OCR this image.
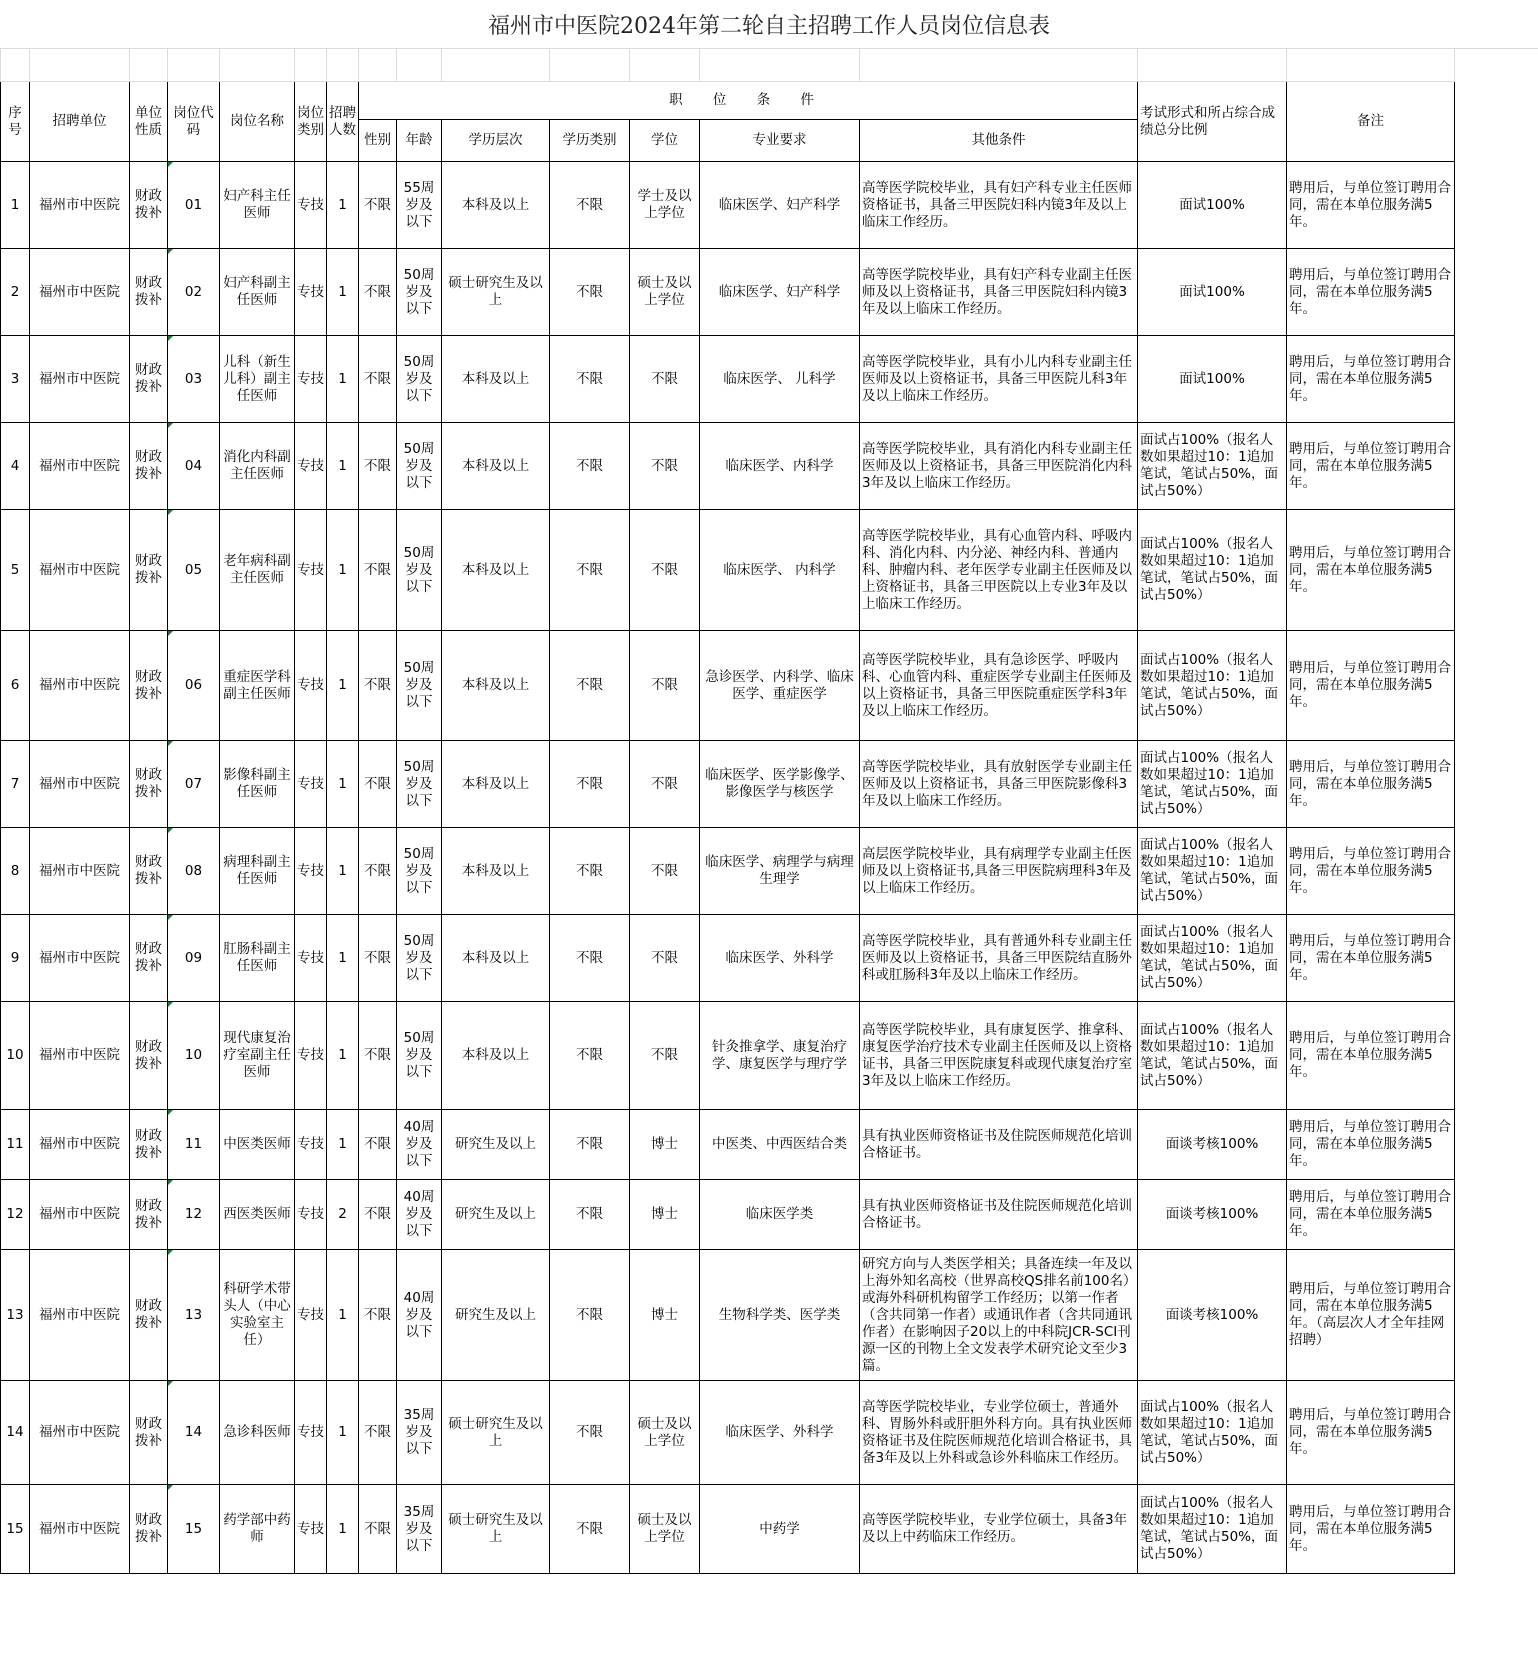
福州市中医院2024年第二轮自主招聘工作人员岗位信息表

序号	招聘单位	单位性质	岗位代码	岗位名称	岗位类别	招聘人数	职 位 条 件							考试形式和所占综合成绩总分比例	备注
							性别	年龄	学历层次	学历类别	学位	专业要求	其他条件		
1	福州市中医院	财政拨补	01	妇产科主任医师	专技	1	不限	55周岁及以下	本科及以上	不限	学士及以上学位	临床医学、妇产科学	高等医学院校毕业，具有妇产科专业主任医师资格证书，具备三甲医院妇科内镜3年及以上临床工作经历。	面试100%	聘用后，与单位签订聘用合同，需在本单位服务满5年。
2	福州市中医院	财政拨补	02	妇产科副主任医师	专技	1	不限	50周岁及以下	硕士研究生及以上	不限	硕士及以上学位	临床医学、妇产科学	高等医学院校毕业，具有妇产科专业副主任医师及以上资格证书，具备三甲医院妇科内镜3年及以上临床工作经历。	面试100%	聘用后，与单位签订聘用合同，需在本单位服务满5年。
3	福州市中医院	财政拨补	03	儿科（新生儿科）副主任医师	专技	1	不限	50周岁及以下	本科及以上	不限	不限	临床医学、 儿科学	高等医学院校毕业，具有小儿内科专业副主任医师及以上资格证书，具备三甲医院儿科3年及以上临床工作经历。	面试100%	聘用后，与单位签订聘用合同，需在本单位服务满5年。
4	福州市中医院	财政拨补	04	消化内科副主任医师	专技	1	不限	50周岁及以下	本科及以上	不限	不限	临床医学、内科学	高等医学院校毕业，具有消化内科专业副主任医师及以上资格证书，具备三甲医院消化内科3年及以上临床工作经历。	面试占100%（报名人数如果超过10：1追加笔试，笔试占50%，面试占50%）	聘用后，与单位签订聘用合同，需在本单位服务满5年。
5	福州市中医院	财政拨补	05	老年病科副主任医师	专技	1	不限	50周岁及以下	本科及以上	不限	不限	临床医学、 内科学	高等医学院校毕业，具有心血管内科、呼吸内科、消化内科、内分泌、神经内科、普通内科、肿瘤内科、老年医学专业副主任医师及以上资格证书，具备三甲医院以上专业3年及以上临床工作经历。	面试占100%（报名人数如果超过10：1追加笔试，笔试占50%，面试占50%）	聘用后，与单位签订聘用合同，需在本单位服务满5年。
6	福州市中医院	财政拨补	06	重症医学科副主任医师	专技	1	不限	50周岁及以下	本科及以上	不限	不限	急诊医学、内科学、临床医学、重症医学	高等医学院校毕业，具有急诊医学、呼吸内科、心血管内科、重症医学专业副主任医师及以上资格证书，具备三甲医院重症医学科3年及以上临床工作经历。	面试占100%（报名人数如果超过10：1追加笔试，笔试占50%，面试占50%）	聘用后，与单位签订聘用合同，需在本单位服务满5年。
7	福州市中医院	财政拨补	07	影像科副主任医师	专技	1	不限	50周岁及以下	本科及以上	不限	不限	临床医学、医学影像学、影像医学与核医学	高等医学院校毕业，具有放射医学专业副主任医师及以上资格证书，具备三甲医院影像科3年及以上临床工作经历。	面试占100%（报名人数如果超过10：1追加笔试，笔试占50%，面试占50%）	聘用后，与单位签订聘用合同，需在本单位服务满5年。
8	福州市中医院	财政拨补	08	病理科副主任医师	专技	1	不限	50周岁及以下	本科及以上	不限	不限	临床医学、病理学与病理生理学	高层医学院校毕业，具有病理学专业副主任医师及以上资格证书,具备三甲医院病理科3年及以上临床工作经历。	面试占100%（报名人数如果超过10：1追加笔试，笔试占50%，面试占50%）	聘用后，与单位签订聘用合同，需在本单位服务满5年。
9	福州市中医院	财政拨补	09	肛肠科副主任医师	专技	1	不限	50周岁及以下	本科及以上	不限	不限	临床医学、外科学	高等医学院校毕业，具有普通外科专业副主任医师及以上资格证书，具备三甲医院结直肠外科或肛肠科3年及以上临床工作经历。	面试占100%（报名人数如果超过10：1追加笔试，笔试占50%，面试占50%）	聘用后，与单位签订聘用合同，需在本单位服务满5年。
10	福州市中医院	财政拨补	10	现代康复治疗室副主任医师	专技	1	不限	50周岁及以下	本科及以上	不限	不限	针灸推拿学、康复治疗学、康复医学与理疗学	高等医学院校毕业，具有康复医学、推拿科、康复医学治疗技术专业副主任医师及以上资格证书，具备三甲医院康复科或现代康复治疗室3年及以上临床工作经历。	面试占100%（报名人数如果超过10：1追加笔试，笔试占50%，面试占50%）	聘用后，与单位签订聘用合同，需在本单位服务满5年。
11	福州市中医院	财政拨补	11	中医类医师	专技	1	不限	40周岁及以下	研究生及以上	不限	博士	中医类、中西医结合类	具有执业医师资格证书及住院医师规范化培训合格证书。	面谈考核100%	聘用后，与单位签订聘用合同，需在本单位服务满5年。
12	福州市中医院	财政拨补	12	西医类医师	专技	2	不限	40周岁及以下	研究生及以上	不限	博士	临床医学类	具有执业医师资格证书及住院医师规范化培训合格证书。	面谈考核100%	聘用后，与单位签订聘用合同，需在本单位服务满5年。
13	福州市中医院	财政拨补	13	科研学术带头人（中心实验室主任）	专技	1	不限	40周岁及以下	研究生及以上	不限	博士	生物科学类、医学类	研究方向与人类医学相关；具备连续一年及以上海外知名高校（世界高校QS排名前100名）或海外科研机构留学工作经历；以第一作者（含共同第一作者）或通讯作者（含共同通讯作者）在影响因子20以上的中科院JCR-SCI刊源一区的刊物上全文发表学术研究论文至少3篇。	面谈考核100%	聘用后，与单位签订聘用合同，需在本单位服务满5年。（高层次人才全年挂网招聘）
14	福州市中医院	财政拨补	14	急诊科医师	专技	1	不限	35周岁及以下	硕士研究生及以上	不限	硕士及以上学位	临床医学、外科学	高等医学院校毕业，专业学位硕士，普通外科、胃肠外科或肝胆外科方向。具有执业医师资格证书及住院医师规范化培训合格证书，具备3年及以上外科或急诊外科临床工作经历。	面试占100%（报名人数如果超过10：1追加笔试，笔试占50%，面试占50%）	聘用后，与单位签订聘用合同，需在本单位服务满5年。
15	福州市中医院	财政拨补	15	药学部中药师	专技	1	不限	35周岁及以下	硕士研究生及以上	不限	硕士及以上学位	中药学	高等医学院校毕业，专业学位硕士，具备3年及以上中药临床工作经历。	面试占100%（报名人数如果超过10：1追加笔试，笔试占50%，面试占50%）	聘用后，与单位签订聘用合同，需在本单位服务满5年。
